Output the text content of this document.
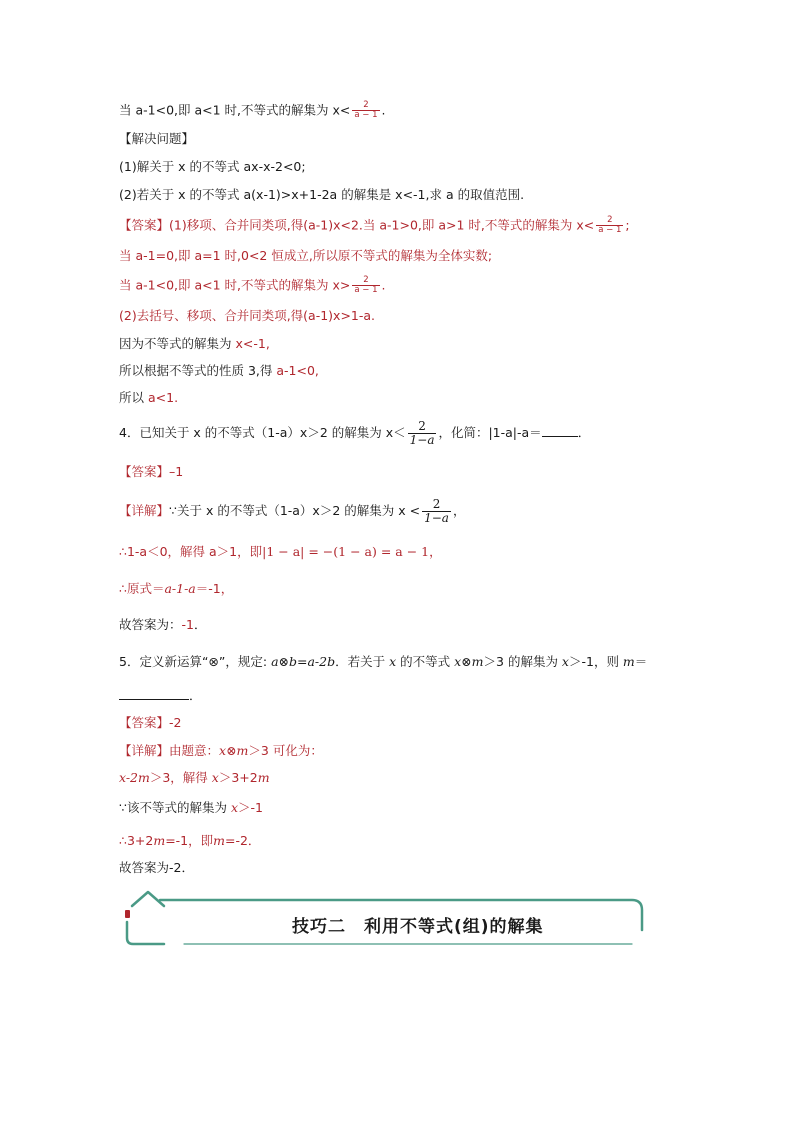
当 a-1<0,即 a<1 时,不等式的解集为 $x< \frac{2}{a - 1}$ .
【解决问题】
(1)解关于 x 的不等式 ax-x-2<0;
(2)若关于 x 的不等式 a(x-1)>x+1-2a 的解集是 x<-1,求 a 的取值范围.
【答案】(1)移项、合并同类项,得(a-1)x<2.当 a-1>0,即 a>1 时,不等式的解集为 $x< \frac{2}{a - 1}$ ;
当 a-1=0,即 a=1 时,0<2 恒成立,所以原不等式的解集为全体实数;
当 a-1<0,即 a<1 时,不等式的解集为 $x> \frac{2}{a - 1}$ .
(2)去括号、移项、合并同类项,得(a-1)x>1-a.
因为不等式的解集为 x<-1,
所以根据不等式的性质 3,得 a-1<0,
所以 a<1.
4．已知关于 x 的不等式（1-a）x＞2 的解集为 $x< \frac{2}{1-a}$ ，化简：|1-a|-a＝	．
【答案】–1
【详解】∵关于 x 的不等式（1-a）x＞2 的解集为 $x < \frac{2}{1-a}$ ，
∴1-a＜0，解得 a＞1，即|1 − a| = −(1 − a) = a − 1，
∴原式＝a-1-a＝-1，
故答案为：-1．
5．定义新运算“⊗”，规定: a⊗b=a-2b．若关于 x 的不等式 x⊗m＞3 的解集为 x＞-1，则 m＝
．
【答案】-2
【详解】由题意：x⊗m＞3 可化为：
x-2m＞3，解得 x＞3+2m
∵该不等式的解集为 x＞-1
∴3+2m=-1，即m=-2．
故答案为-2．
技巧二　利用不等式(组)的解集
